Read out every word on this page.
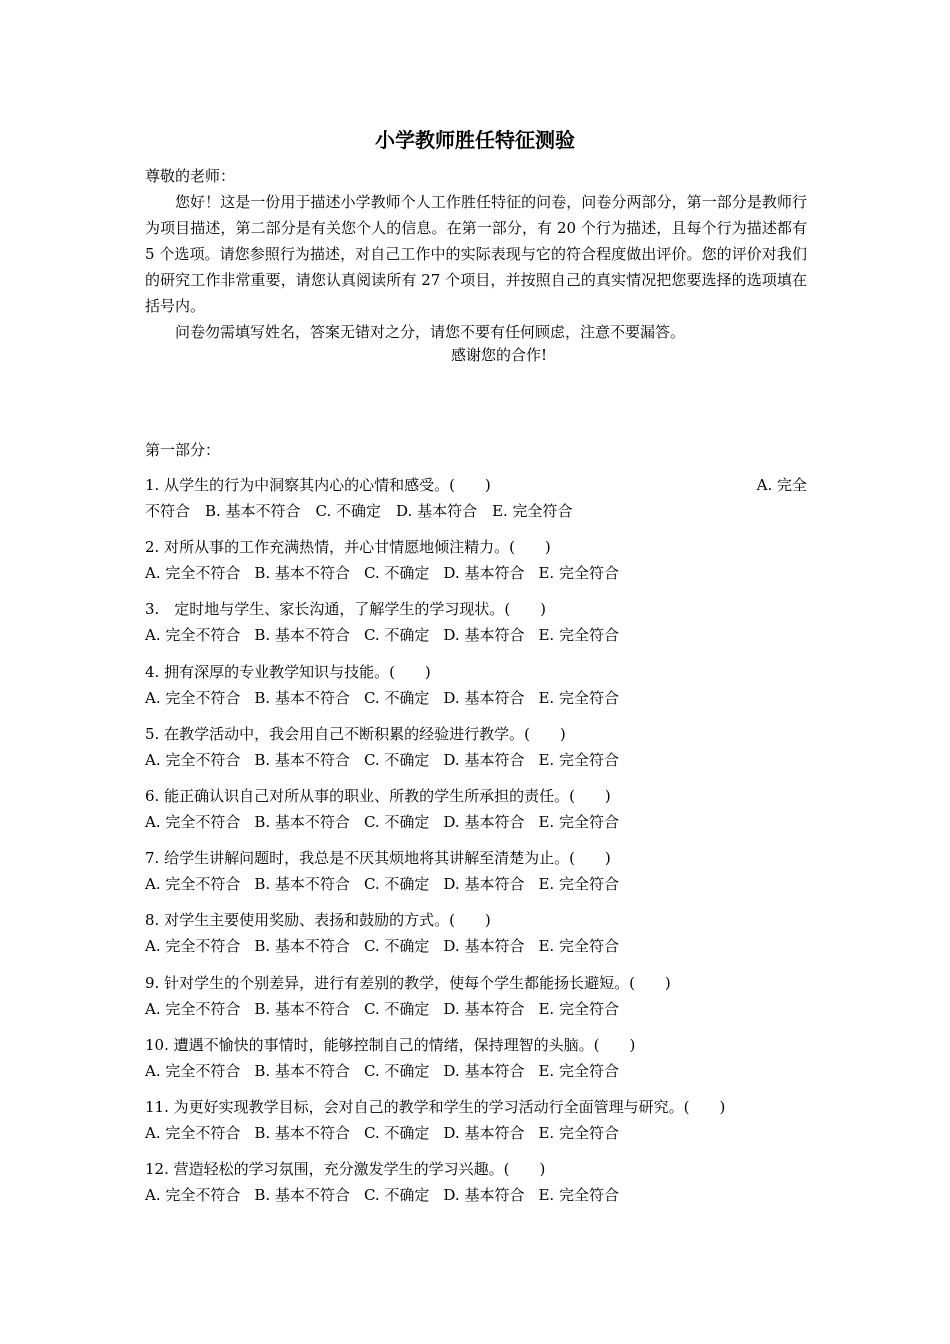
小学教师胜任特征测验
尊敬的老师：
您好！这是一份用于描述小学教师个人工作胜任特征的问卷，问卷分两部分，第一部分是教师行为项目描述，第二部分是有关您个人的信息。在第一部分，有 20 个行为描述，且每个行为描述都有 5 个选项。请您参照行为描述，对自己工作中的实际表现与它的符合程度做出评价。您的评价对我们的研究工作非常重要，请您认真阅读所有 27 个项目，并按照自己的真实情况把您要选择的选项填在括号内。
问卷勿需填写姓名，答案无错对之分，请您不要有任何顾虑，注意不要漏答。
感谢您的合作!
第一部分：
1. 从学生的行为中洞察其内心的心情和感受。(　　)	A. 完全
不符合　B. 基本不符合　C. 不确定　D. 基本符合　E. 完全符合
2. 对所从事的工作充满热情，并心甘情愿地倾注精力。(　　)
A. 完全不符合 B. 基本不符合 C. 不确定 D. 基本符合 E. 完全符合
3.　定时地与学生、家长沟通，了解学生的学习现状。(　　)
A. 完全不符合 B. 基本不符合 C. 不确定 D. 基本符合 E. 完全符合
4. 拥有深厚的专业教学知识与技能。(　　)
A. 完全不符合 B. 基本不符合 C. 不确定 D. 基本符合 E. 完全符合
5. 在教学活动中，我会用自己不断积累的经验进行教学。(　　)
A. 完全不符合 B. 基本不符合 C. 不确定 D. 基本符合 E. 完全符合
6. 能正确认识自己对所从事的职业、所教的学生所承担的责任。(　　)
A. 完全不符合 B. 基本不符合 C. 不确定 D. 基本符合 E. 完全符合
7. 给学生讲解问题时，我总是不厌其烦地将其讲解至清楚为止。(　　)
A. 完全不符合 B. 基本不符合 C. 不确定 D. 基本符合 E. 完全符合
8. 对学生主要使用奖励、表扬和鼓励的方式。(　　)
A. 完全不符合 B. 基本不符合 C. 不确定 D. 基本符合 E. 完全符合
9. 针对学生的个别差异，进行有差别的教学，使每个学生都能扬长避短。(　　)
A. 完全不符合 B. 基本不符合 C. 不确定 D. 基本符合 E. 完全符合
10. 遭遇不愉快的事情时，能够控制自己的情绪，保持理智的头脑。(　　)
A. 完全不符合 B. 基本不符合 C. 不确定 D. 基本符合 E. 完全符合
11. 为更好实现教学目标，会对自己的教学和学生的学习活动行全面管理与研究。(　　)
A. 完全不符合 B. 基本不符合 C. 不确定 D. 基本符合 E. 完全符合
12. 营造轻松的学习氛围，充分激发学生的学习兴趣。(　　)
A. 完全不符合 B. 基本不符合 C. 不确定 D. 基本符合 E. 完全符合
